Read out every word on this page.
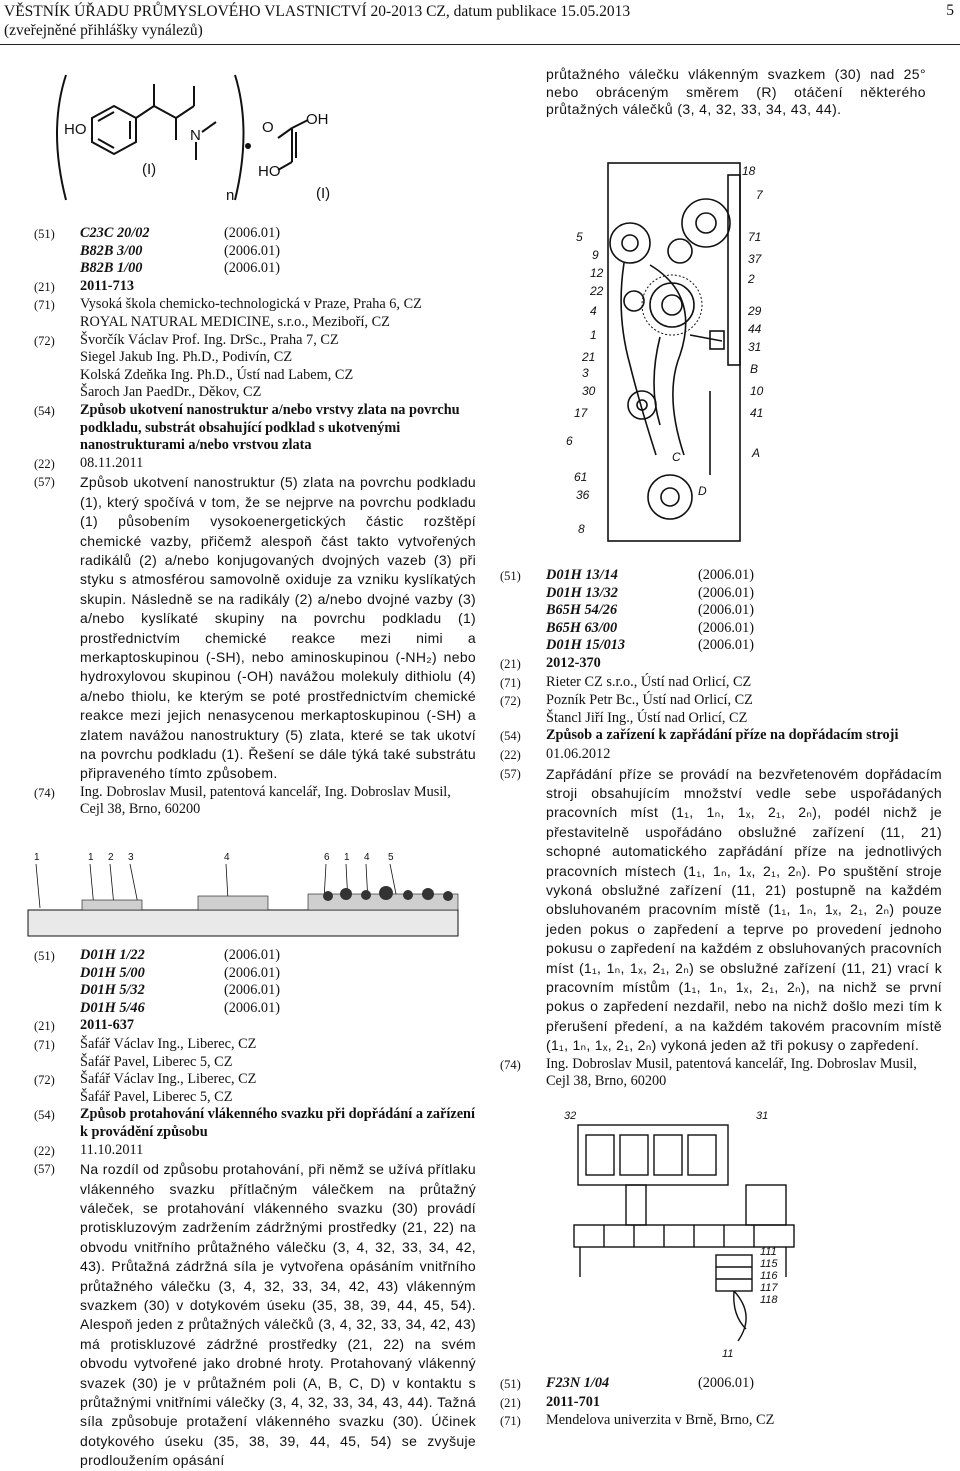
VĚSTNÍK ÚŘADU PRŮMYSLOVÉHO VLASTNICTVÍ 20-2013 CZ, datum publikace 15.05.2013
(zveřejněné přihlášky vynálezů)
5
průtažného válečku vlákenným svazkem (30) nad 25° nebo obráceným směrem (R) otáčení některého průtažných válečků (3, 4, 32, 33, 34, 43, 44).
HO	N	O OH
HO
(I)
n	(I)
(51)	C23C 20/02	(2006.01)
B82B 3/00	(2006.01)
B82B 1/00	(2006.01)
(21)	2011-713
(71)	Vysoká škola chemicko-technologická v Praze, Praha 6, CZ
ROYAL NATURAL MEDICINE, s.r.o., Meziboří, CZ
(72)	Švorčík Václav Prof. Ing. DrSc., Praha 7, CZ
Siegel Jakub Ing. Ph.D., Podivín, CZ
Kolská Zdeňka Ing. Ph.D., Ústí nad Labem, CZ
Šaroch Jan PaedDr., Děkov, CZ
(54)	Způsob ukotvení nanostruktur a/nebo vrstvy zlata na povrchu podkladu, substrát obsahující podklad s ukotvenými nanostrukturami a/nebo vrstvou zlata
(22)	08.11.2011
(57)	Způsob ukotvení nanostruktur (5) zlata na povrchu podkladu (1), který spočívá v tom, že se nejprve na povrchu podkladu (1) působením vysokoenergetických částic rozštěpí chemické vazby, přičemž alespoň část takto vytvořených radikálů (2) a/nebo konjugovaných dvojných vazeb (3) při styku s atmosférou samovolně oxiduje za vzniku kyslíkatých skupin. Následně se na radikály (2) a/nebo dvojné vazby (3) a/nebo kyslíkaté skupiny na povrchu podkladu (1) prostřednictvím chemické reakce mezi nimi a merkaptoskupinou (-SH), nebo aminoskupinou (-NH₂) nebo hydroxylovou skupinou (-OH) navážou molekuly dithiolu (4) a/nebo thiolu, ke kterým se poté prostřednictvím chemické reakce mezi jejich nenasycenou merkaptoskupinou (-SH) a zlatem navážou nanostruktury (5) zlata, které se tak ukotví na povrchu podkladu (1). Řešení se dále týká také substrátu připraveného tímto způsobem.
(74)	Ing. Dobroslav Musil, patentová kancelář, Ing. Dobroslav Musil, Cejl 38, Brno, 60200
1	1 2 3	4	6 1 4 5
(51)	D01H 1/22	(2006.01)
D01H 5/00	(2006.01)
D01H 5/32	(2006.01)
D01H 5/46	(2006.01)
(21)	2011-637
(71)	Šafář Václav Ing., Liberec, CZ
Šafář Pavel, Liberec 5, CZ
(72)	Šafář Václav Ing., Liberec, CZ
Šafář Pavel, Liberec 5, CZ
(54)	Způsob protahování vlákenného svazku při dopřádání a zařízení k provádění způsobu
(22)	11.10.2011
(57)	Na rozdíl od způsobu protahování, při němž se užívá přítlaku vlákenného svazku přítlačným válečkem na průtažný váleček, se protahování vlákenného svazku (30) provádí protiskluzovým zadržením zádržnými prostředky (21, 22) na obvodu vnitřního průtažného válečku (3, 4, 32, 33, 34, 42, 43). Průtažná zádržná síla je vytvořena opásáním vnitřního průtažného válečku (3, 4, 32, 33, 34, 42, 43) vlákenným svazkem (30) v dotykovém úseku (35, 38, 39, 44, 45, 54). Alespoň jeden z průtažných válečků (3, 4, 32, 33, 34, 42, 43) má protiskluzové zádržné prostředky (21, 22) na svém obvodu vytvořené jako drobné hroty. Protahovaný vlákenný svazek (30) je v průtažném poli (A, B, C, D) v kontaktu s průtažnými vnitřními válečky (3, 4, 32, 33, 34, 43, 44). Tažná síla způsobuje protažení vlákenného svazku (30). Účinek dotykového úseku (35, 38, 39, 44, 45, 54) se zvyšuje prodloužením opásání
5
9
12
22
4
1
21
3
30
17
6
61
36
8
18
7
71
37
2
29
44
31
B
10
41
A
C
D
(51)	D01H 13/14	(2006.01)
D01H 13/32	(2006.01)
B65H 54/26	(2006.01)
B65H 63/00	(2006.01)
D01H 15/013	(2006.01)
(21)	2012-370
(71)	Rieter CZ s.r.o., Ústí nad Orlicí, CZ
(72)	Pozník Petr Bc., Ústí nad Orlicí, CZ
Štancl Jiří Ing., Ústí nad Orlicí, CZ
(54)	Způsob a zařízení k zapřádání příze na dopřádacím stroji
(22)	01.06.2012
(57)	Zapřádání příze se provádí na bezvřetenovém dopřádacím stroji obsahujícím množství vedle sebe uspořádaných pracovních míst (1₁, 1ₙ, 1ₓ, 2₁, 2ₙ), podél nichž je přestavitelně uspořádáno obslužné zařízení (11, 21) schopné automatického zapřádání příze na jednotlivých pracovních místech (1₁, 1ₙ, 1ₓ, 2₁, 2ₙ). Po spuštění stroje vykoná obslužné zařízení (11, 21) postupně na každém obsluhovaném pracovním místě (1₁, 1ₙ, 1ₓ, 2₁, 2ₙ) pouze jeden pokus o zapředení a teprve po provedení jednoho pokusu o zapředení na každém z obsluhovaných pracovních míst (1₁, 1ₙ, 1ₓ, 2₁, 2ₙ) se obslužné zařízení (11, 21) vrací k pracovním místům (1₁, 1ₙ, 1ₓ, 2₁, 2ₙ), na nichž se první pokus o zapředení nezdařil, nebo na nichž došlo mezi tím k přerušení předení, a na každém takovém pracovním místě (1₁, 1ₙ, 1ₓ, 2₁, 2ₙ) vykoná jeden až tři pokusy o zapředení.
(74)	Ing. Dobroslav Musil, patentová kancelář, Ing. Dobroslav Musil, Cejl 38, Brno, 60200
32	31
111
115
116
117
118
11
(51)	F23N 1/04	(2006.01)
(21)	2011-701
(71)	Mendelova univerzita v Brně, Brno, CZ
